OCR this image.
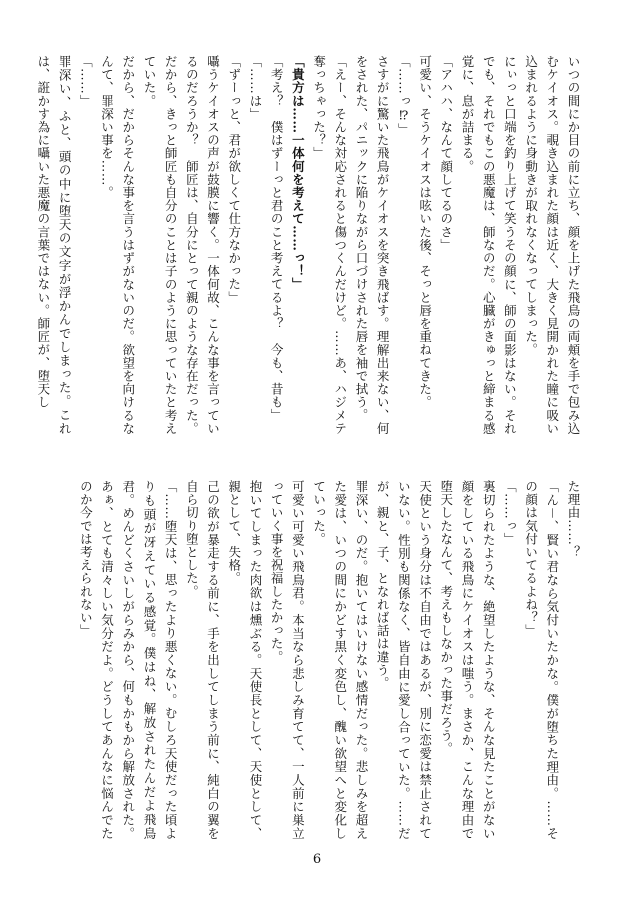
いつの間にか目の前に立ち、顔を上げた飛鳥の両頬を手で包み込むケイオス。覗き込まれた顔は近く、大きく見開かれた瞳に吸い込まれるように身動きが取れなくなってしまった。

にぃっと口端を釣り上げて笑うその顔に、師の面影はない。それでも、それでもこの悪魔は、師なのだ。心臓がきゅっと締まる感覚に、息が詰まる。

「アハハ、なんて顔してるのさ」

可愛い、そうケイオスは呟いた後、そっと唇を重ねてきた。

「……っ⁉」

さすがに驚いた飛鳥がケイオスを突き飛ばす。理解出来ない、何をされた、パニックに陥りながら口づけされた唇を袖で拭う。

「えー、そんな対応されると傷つくんだけど。……あ、ハジメテ奪っちゃった？」

「貴方は……一体何を考えて……っ！」

「考え？　僕はずーっと君のこと考えてるよ？　今も、昔も」

「……は」

「ずーっと、君が欲しくて仕方なかった」

囁うケイオスの声が鼓膜に響く。一体何故、こんな事を言っているのだろうか？　師匠は、自分にとって親のような存在だった。だから、きっと師匠も自分のことは子のように思っていたと考えていた。

だから、だからそんな事を言うはずがないのだ。欲望を向けるなんて、罪深い事を……。

「……」

罪深い、ふと、頭の中に堕天の文字が浮かんでしまった。これは、誑かす為に囁いた悪魔の言葉ではない。師匠が、堕天し

た理由……？

「ん－、賢い君なら気付いたかな。僕が堕ちた理由。……その顔は気付いてるよね？」

「……っ」

裏切られたような、絶望したような、そんな見たことがない顔をしている飛鳥にケイオスは嗤う。まさか、こんな理由で堕天したなんて、考えもしなかった事だろう。

天使という身分は不自由ではあるが、別に恋愛は禁止されていない。性別も関係なく、皆自由に愛し合っていた。……だが、親と、子、となれば話は違う。

罪深い、のだ。抱いてはいけない感情だった。悲しみを超えた愛は、いつの間にかどす黒く変色し、醜い欲望へと変化していった。

可愛い可愛い飛鳥君。本当なら悲しみ育てて、一人前に巣立っていく事を祝福したかった。

抱いてしまった肉欲は燻ぶる。天使長として、天使として、親として、失格。

己の欲が暴走する前に、手を出してしまう前に、純白の翼を自ら切り堕とした。

「……堕天は、思ったより悪くない。むしろ天使だった頃よりも頭が冴えている感覚。僕はね、解放されたんだよ飛鳥君。めんどくさいしがらみから、何もかもから解放された。あぁ、とても清々しい気分だよ。どうしてあんなに悩んでたのか今では考えられない」

6
